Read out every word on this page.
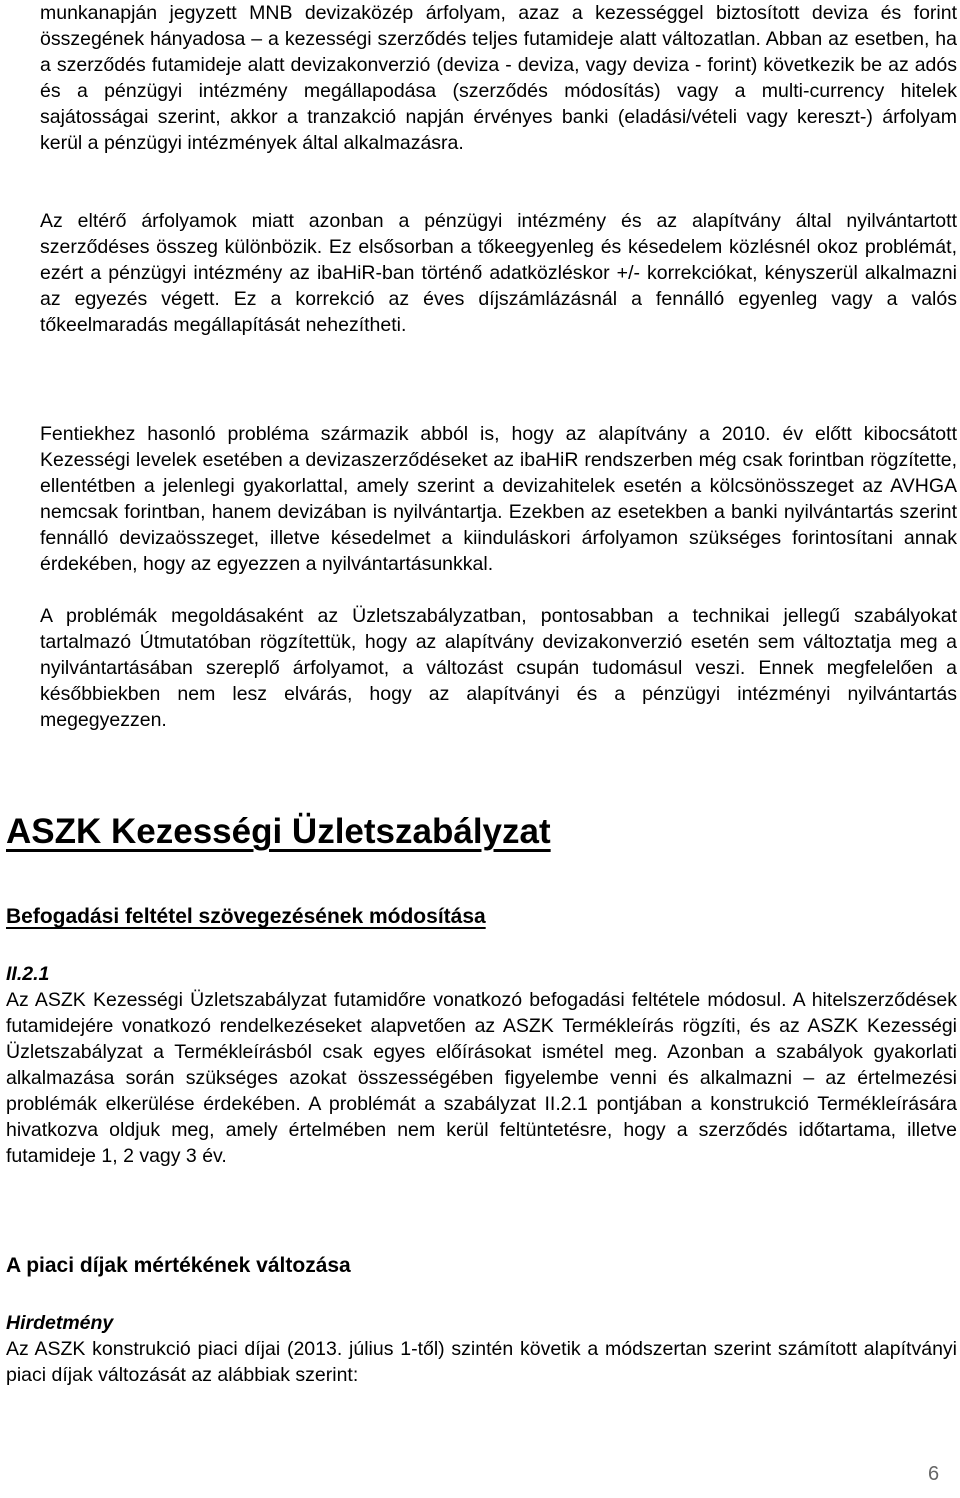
munkanapján jegyzett MNB devizaközép árfolyam, azaz a kezességgel biztosított deviza és forint összegének hányadosa – a kezességi szerződés teljes futamideje alatt változatlan. Abban az esetben, ha a szerződés futamideje alatt devizakonverzió (deviza - deviza, vagy deviza - forint) következik be az adós és a pénzügyi intézmény megállapodása (szerződés módosítás) vagy a multi-currency hitelek sajátosságai szerint, akkor a tranzakció napján érvényes banki (eladási/vételi vagy kereszt-) árfolyam kerül a pénzügyi intézmények által alkalmazásra.

Az eltérő árfolyamok miatt azonban a pénzügyi intézmény és az alapítvány által nyilvántartott szerződéses összeg különbözik. Ez elsősorban a tőkeegyenleg és késedelem közlésnél okoz problémát, ezért a pénzügyi intézmény az ibaHiR-ban történő adatközléskor +/- korrekciókat, kényszerül alkalmazni az egyezés végett. Ez a korrekció az éves díjszámlázásnál a fennálló egyenleg vagy a valós tőkeelmaradás megállapítását nehezítheti.

Fentiekhez hasonló probléma származik abból is, hogy az alapítvány a 2010. év előtt kibocsátott Kezességi levelek esetében a devizaszerződéseket az ibaHiR rendszerben még csak forintban rögzítette, ellentétben a jelenlegi gyakorlattal, amely szerint a devizahitelek esetén a kölcsönösszeget az AVHGA nemcsak forintban, hanem devizában is nyilvántartja. Ezekben az esetekben a banki nyilvántartás szerint fennálló devizaösszeget, illetve késedelmet a kiinduláskori árfolyamon szükséges forintosítani annak érdekében, hogy az egyezzen a nyilvántartásunkkal.

A problémák megoldásaként az Üzletszabályzatban, pontosabban a technikai jellegű szabályokat tartalmazó Útmutatóban rögzítettük, hogy az alapítvány devizakonverzió esetén sem változtatja meg a nyilvántartásában szereplő árfolyamot, a változást csupán tudomásul veszi. Ennek megfelelően a későbbiekben nem lesz elvárás, hogy az alapítványi és a pénzügyi intézményi nyilvántartás megegyezzen.

ASZK Kezességi Üzletszabályzat
Befogadási feltétel szövegezésének módosítása

II.2.1

Az ASZK Kezességi Üzletszabályzat futamidőre vonatkozó befogadási feltétele módosul. A hitelszerződések futamidejére vonatkozó rendelkezéseket alapvetően az ASZK Termékleírás rögzíti, és az ASZK Kezességi Üzletszabályzat a Termékleírásból csak egyes előírásokat ismétel meg. Azonban a szabályok gyakorlati alkalmazása során szükséges azokat összességében figyelembe venni és alkalmazni – az értelmezési problémák elkerülése érdekében. A problémát a szabályzat II.2.1 pontjában a konstrukció Termékleírására hivatkozva oldjuk meg, amely értelmében nem kerül feltüntetésre, hogy a szerződés időtartama, illetve futamideje 1, 2 vagy 3 év.

A piaci díjak mértékének változása

Hirdetmény

Az ASZK konstrukció piaci díjai (2013. július 1-től) szintén követik a módszertan szerint számított alapítványi piaci díjak változását az alábbiak szerint:

6
